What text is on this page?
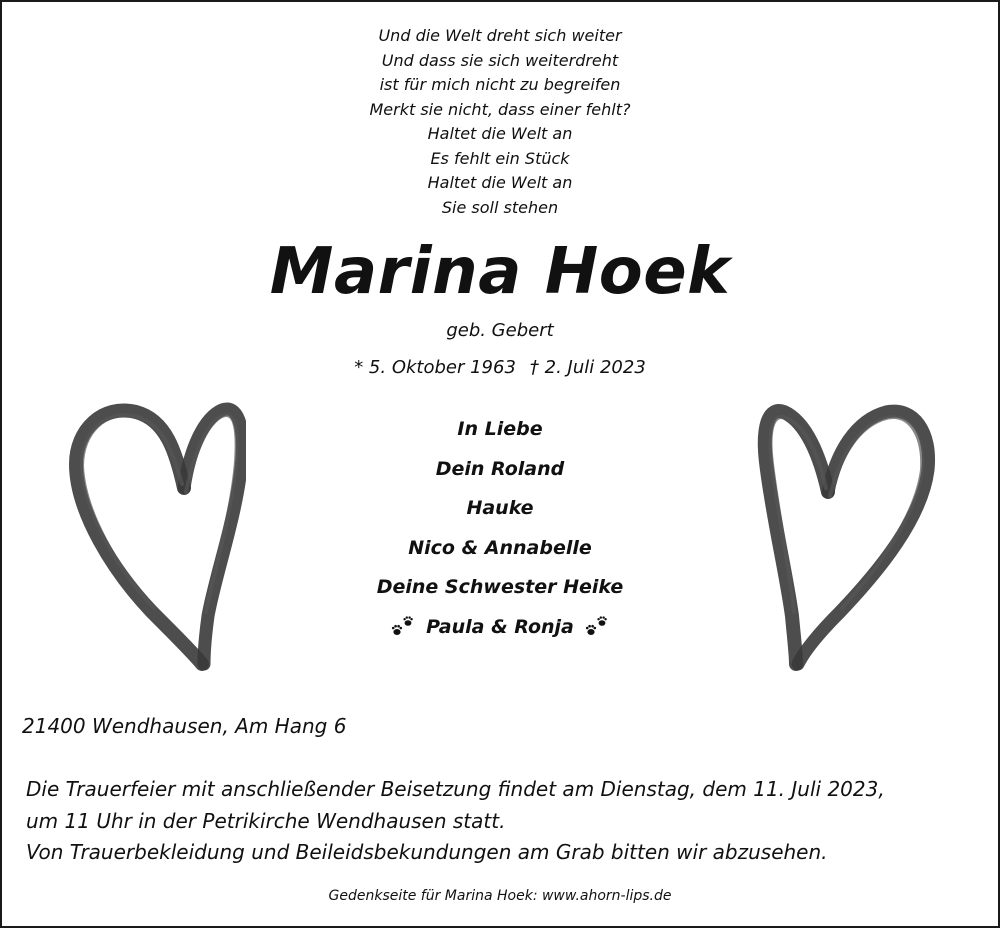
Und die Welt dreht sich weiter
Und dass sie sich weiterdreht
ist für mich nicht zu begreifen
Merkt sie nicht, dass einer fehlt?
Haltet die Welt an
Es fehlt ein Stück
Haltet die Welt an
Sie soll stehen
Marina Hoek
geb. Gebert
* 5. Oktober 1963 † 2. Juli 2023
In Liebe
Dein Roland
Hauke
Nico & Annabelle
Deine Schwester Heike
Paula & Ronja
21400 Wendhausen, Am Hang 6
Die Trauerfeier mit anschließender Beisetzung findet am Dienstag, dem 11. Juli 2023,
um 11 Uhr in der Petrikirche Wendhausen statt.
Von Trauerbekleidung und Beileidsbekundungen am Grab bitten wir abzusehen.
Gedenkseite für Marina Hoek: www.ahorn-lips.de
